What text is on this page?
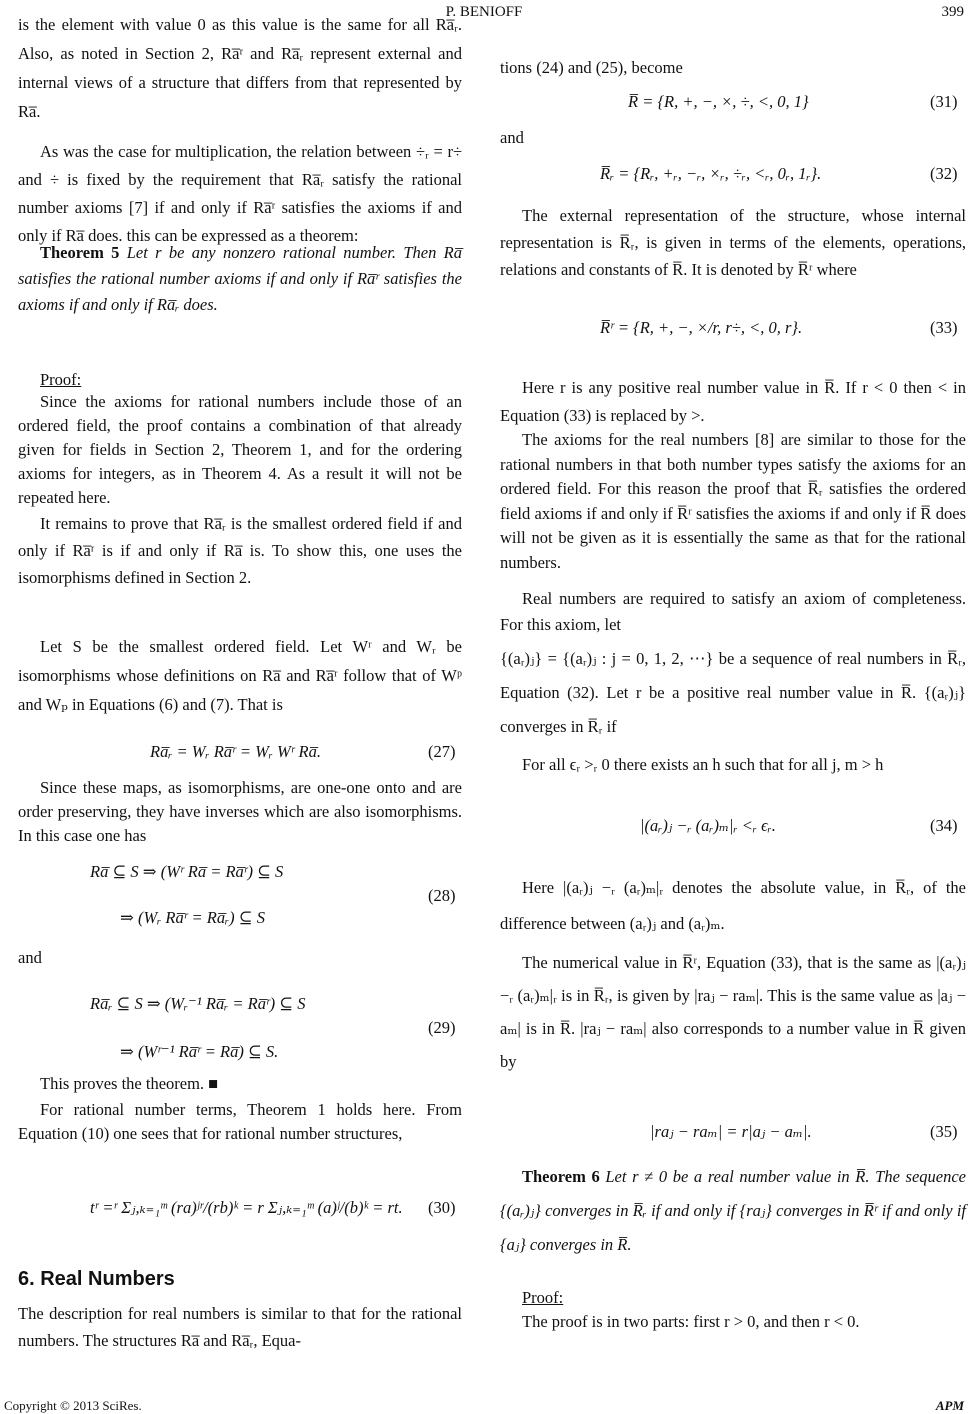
P. BENIOFF	399
is the element with value 0 as this value is the same for all Ra̅ᵣ. Also, as noted in Section 2, Ra̅ʳ and Ra̅ᵣ represent external and internal views of a structure that differs from that represented by Ra̅.
As was the case for multiplication, the relation between ÷ᵣ = r÷ and ÷ is fixed by the requirement that Ra̅ᵣ satisfy the rational number axioms [7] if and only if Ra̅ʳ satisfies the axioms if and only if Ra̅ does. this can be expressed as a theorem:
Theorem 5 Let r be any nonzero rational number. Then Ra̅ satisfies the rational number axioms if and only if Ra̅ʳ satisfies the axioms if and only if Ra̅ᵣ does.
Proof:
Since the axioms for rational numbers include those of an ordered field, the proof contains a combination of that already given for fields in Section 2, Theorem 1, and for the ordering axioms for integers, as in Theorem 4. As a result it will not be repeated here.
It remains to prove that Ra̅ᵣ is the smallest ordered field if and only if Ra̅ʳ is if and only if Ra̅ is. To show this, one uses the isomorphisms defined in Section 2.
Let S be the smallest ordered field. Let Wʳ and Wᵣ be isomorphisms whose definitions on Ra̅ and Ra̅ʳ follow that of Wᵖ and Wₚ in Equations (6) and (7). That is
Ra̅ᵣ = Wᵣ Ra̅ʳ = Wᵣ Wʳ Ra̅.	(27)
Since these maps, as isomorphisms, are one-one onto and are order preserving, they have inverses which are also isomorphisms. In this case one has
Ra̅ ⊆ S ⇒ (Wʳ Ra̅ = Ra̅ʳ) ⊆ S
⇒ (Wᵣ Ra̅ʳ = Ra̅ᵣ) ⊆ S
(28)
and
Ra̅ᵣ ⊆ S ⇒ (Wᵣ⁻¹ Ra̅ᵣ = Ra̅ʳ) ⊆ S
⇒ (Wʳ⁻¹ Ra̅ʳ = Ra̅) ⊆ S.
(29)
This proves the theorem. ■
For rational number terms, Theorem 1 holds here. From Equation (10) one sees that for rational number structures,
tʳ =ʳ Σⱼ,ₖ₌₁ᵐ (ra)ʲʳ/(rb)ᵏ = r Σⱼ,ₖ₌₁ᵐ (a)ʲ/(b)ᵏ = rt. (30)
6. Real Numbers
The description for real numbers is similar to that for the rational numbers. The structures Ra̅ and Ra̅ᵣ, Equa-
tions (24) and (25), become
R̅ = {R, +, −, ×, ÷, <, 0, 1}	(31)
and
R̅ᵣ = {Rᵣ, +ᵣ, −ᵣ, ×ᵣ, ÷ᵣ, <ᵣ, 0ᵣ, 1ᵣ}.	(32)
The external representation of the structure, whose internal representation is R̅ᵣ, is given in terms of the elements, operations, relations and constants of R̅. It is denoted by R̅ʳ where
R̅ʳ = {R, +, −, ×/r, r÷, <, 0, r}.	(33)
Here r is any positive real number value in R̅. If r < 0 then < in Equation (33) is replaced by >.
The axioms for the real numbers [8] are similar to those for the rational numbers in that both number types satisfy the axioms for an ordered field. For this reason the proof that R̅ᵣ satisfies the ordered field axioms if and only if R̅ʳ satisfies the axioms if and only if R̅ does will not be given as it is essentially the same as that for the rational numbers.
Real numbers are required to satisfy an axiom of completeness. For this axiom, let
{(aᵣ)ⱼ} = {(aᵣ)ⱼ : j = 0, 1, 2, ⋯} be a sequence of real numbers in R̅ᵣ, Equation (32). Let r be a positive real number value in R̅. {(aᵣ)ⱼ} converges in R̅ᵣ if
For all ϵᵣ >ᵣ 0 there exists an h such that for all j, m > h
|(aᵣ)ⱼ −ᵣ (aᵣ)ₘ|ᵣ <ᵣ ϵᵣ.	(34)
Here |(aᵣ)ⱼ −ᵣ (aᵣ)ₘ|ᵣ denotes the absolute value, in R̅ᵣ, of the difference between (aᵣ)ⱼ and (aᵣ)ₘ.
The numerical value in R̅ʳ, Equation (33), that is the same as |(aᵣ)ⱼ −ᵣ (aᵣ)ₘ|ᵣ is in R̅ᵣ, is given by |raⱼ − raₘ|. This is the same value as |aⱼ − aₘ| is in R̅. |raⱼ − raₘ| also corresponds to a number value in R̅ given by
|raⱼ − raₘ| = r|aⱼ − aₘ|.	(35)
Theorem 6 Let r ≠ 0 be a real number value in R̅. The sequence {(aᵣ)ⱼ} converges in R̅ᵣ if and only if {raⱼ} converges in R̅ʳ if and only if {aⱼ} converges in R̅.
Proof:
The proof is in two parts: first r > 0, and then r < 0.
Copyright © 2013 SciRes.	APM
